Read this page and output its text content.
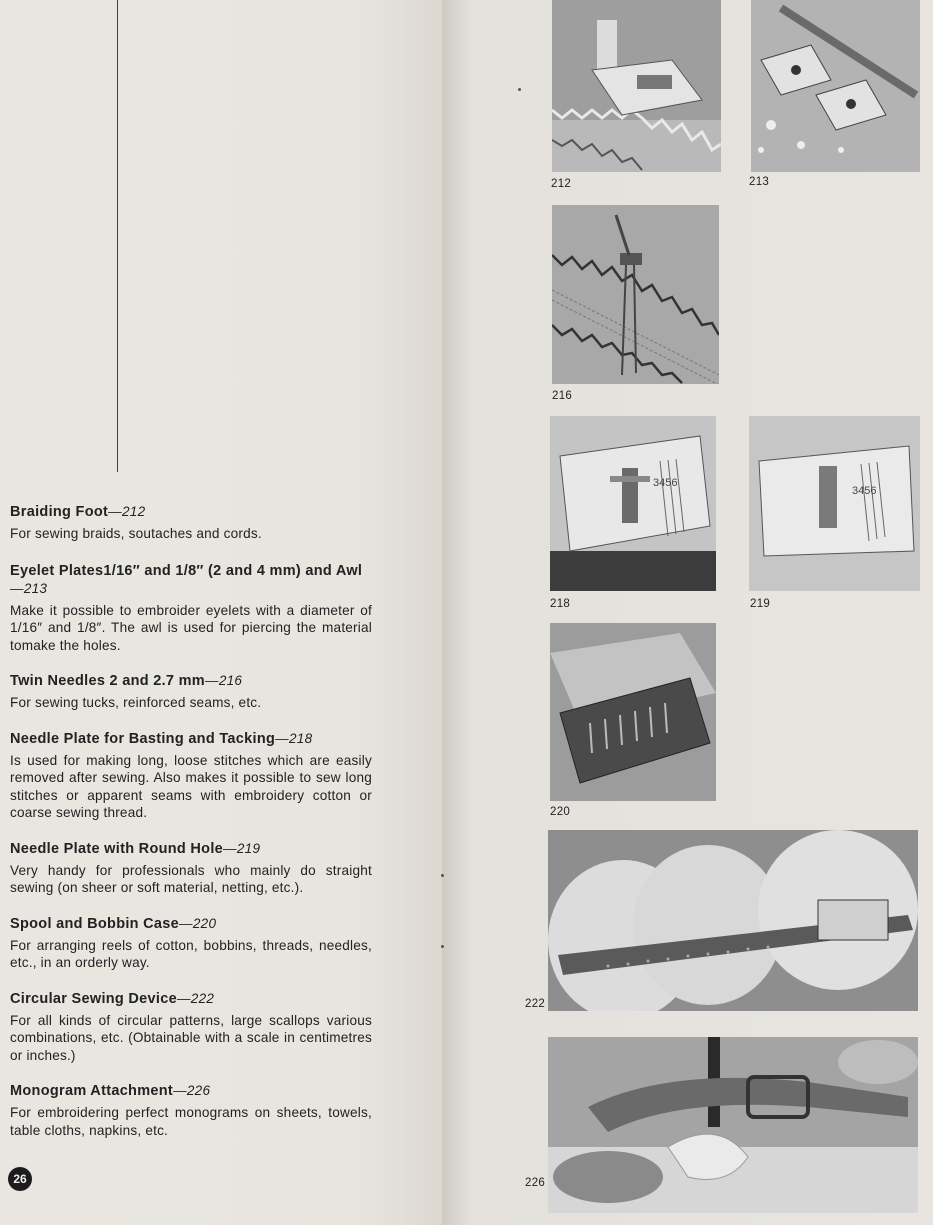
Braiding Foot—212

For sewing braids, soutaches and cords.

Eyelet Plates1/16″ and 1/8″ (2 and 4 mm) and Awl—213

Make it possible to embroider eyelets with a diameter of 1/16″ and 1/8″. The awl is used for piercing the material tomake the holes.

Twin Needles 2 and 2.7 mm—216

For sewing tucks, reinforced seams, etc.

Needle Plate for Basting and Tacking—218

Is used for making long, loose stitches which are easily removed after sewing. Also makes it possible to sew long stitches or apparent seams with embroidery cotton or coarse sewing thread.

Needle Plate with Round Hole—219

Very handy for professionals who mainly do straight sewing (on sheer or soft material, netting, etc.).

Spool and Bobbin Case—220

For arranging reels of cotton, bobbins, threads, needles, etc., in an orderly way.

Circular Sewing Device—222

For all kinds of circular patterns, large scallops various combinations, etc. (Obtainable with a scale in centimetres or inches.)

Monogram Attachment—226

For embroidering perfect monograms on sheets, towels, table cloths, napkins, etc.

26
212	213
216
3456
218
3456
219
220
222
226
